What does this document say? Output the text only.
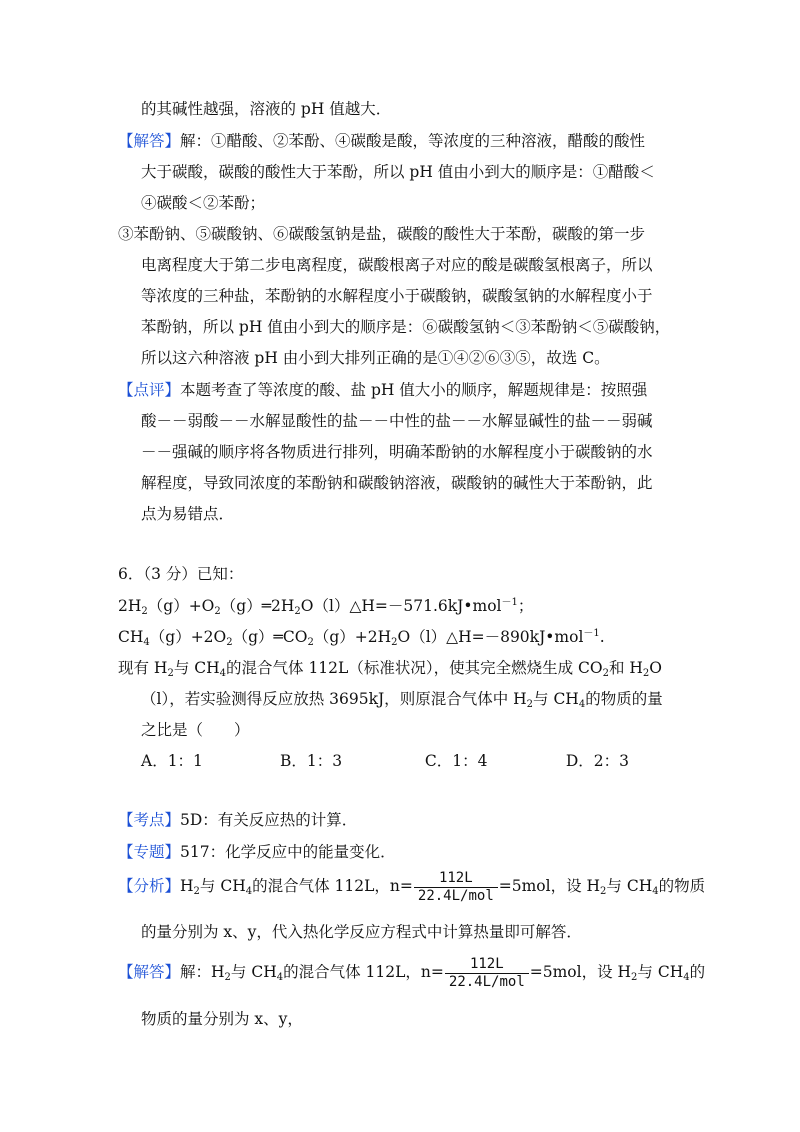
的其碱性越强，溶液的 pH 值越大．
【解答】解：①醋酸、②苯酚、④碳酸是酸，等浓度的三种溶液，醋酸的酸性
大于碳酸，碳酸的酸性大于苯酚，所以 pH 值由小到大的顺序是：①醋酸＜
④碳酸＜②苯酚；
③苯酚钠、⑤碳酸钠、⑥碳酸氢钠是盐，碳酸的酸性大于苯酚，碳酸的第一步
电离程度大于第二步电离程度，碳酸根离子对应的酸是碳酸氢根离子，所以
等浓度的三种盐，苯酚钠的水解程度小于碳酸钠，碳酸氢钠的水解程度小于
苯酚钠，所以 pH 值由小到大的顺序是：⑥碳酸氢钠＜③苯酚钠＜⑤碳酸钠，
所以这六种溶液 pH 由小到大排列正确的是①④②⑥③⑤，故选 C。
【点评】本题考查了等浓度的酸、盐 pH 值大小的顺序，解题规律是：按照强
酸－－弱酸－－水解显酸性的盐－－中性的盐－－水解显碱性的盐－－弱碱
－－强碱的顺序将各物质进行排列，明确苯酚钠的水解程度小于碳酸钠的水
解程度，导致同浓度的苯酚钠和碳酸钠溶液，碳酸钠的碱性大于苯酚钠，此
点为易错点．
6．（3 分）已知：
$2H_2(g)+O_2(g)═2H_2O(l)\triangle H=-571.6kJ•mol^{-1}$；
$CH_4(g)+2O_2(g)═CO_2(g)+2H_2O(l)\triangle H=-890kJ•mol^{-1}$.
现有 $H_2$与 $CH_4$的混合气体 112L（标准状况），使其完全燃烧生成 $CO_2$和 $H_2O$
（l），若实验测得反应放热 3695kJ，则原混合气体中 $H_2$与 $CH_4$的物质的量
之比是（　　）
A．1：1	B．1：3	C．1：4	D．2：3
【考点】5D：有关反应热的计算．
【专题】517：化学反应中的能量变化．
【分析】$H_2$与 $CH_4$的混合气体 112L，$n= \frac{112L}{\text{22.4L/mol}} =5mol$，设 $H_2$与 $CH_4$的物质
的量分别为 x、y，代入热化学反应方程式中计算热量即可解答．
【解答】解：$H_2$与 $CH_4$的混合气体 112L，$n= \frac{112L}{\text{22.4L/mol}} =5mol$，设 $H_2$与 $CH_4$的
物质的量分别为 x、y，
